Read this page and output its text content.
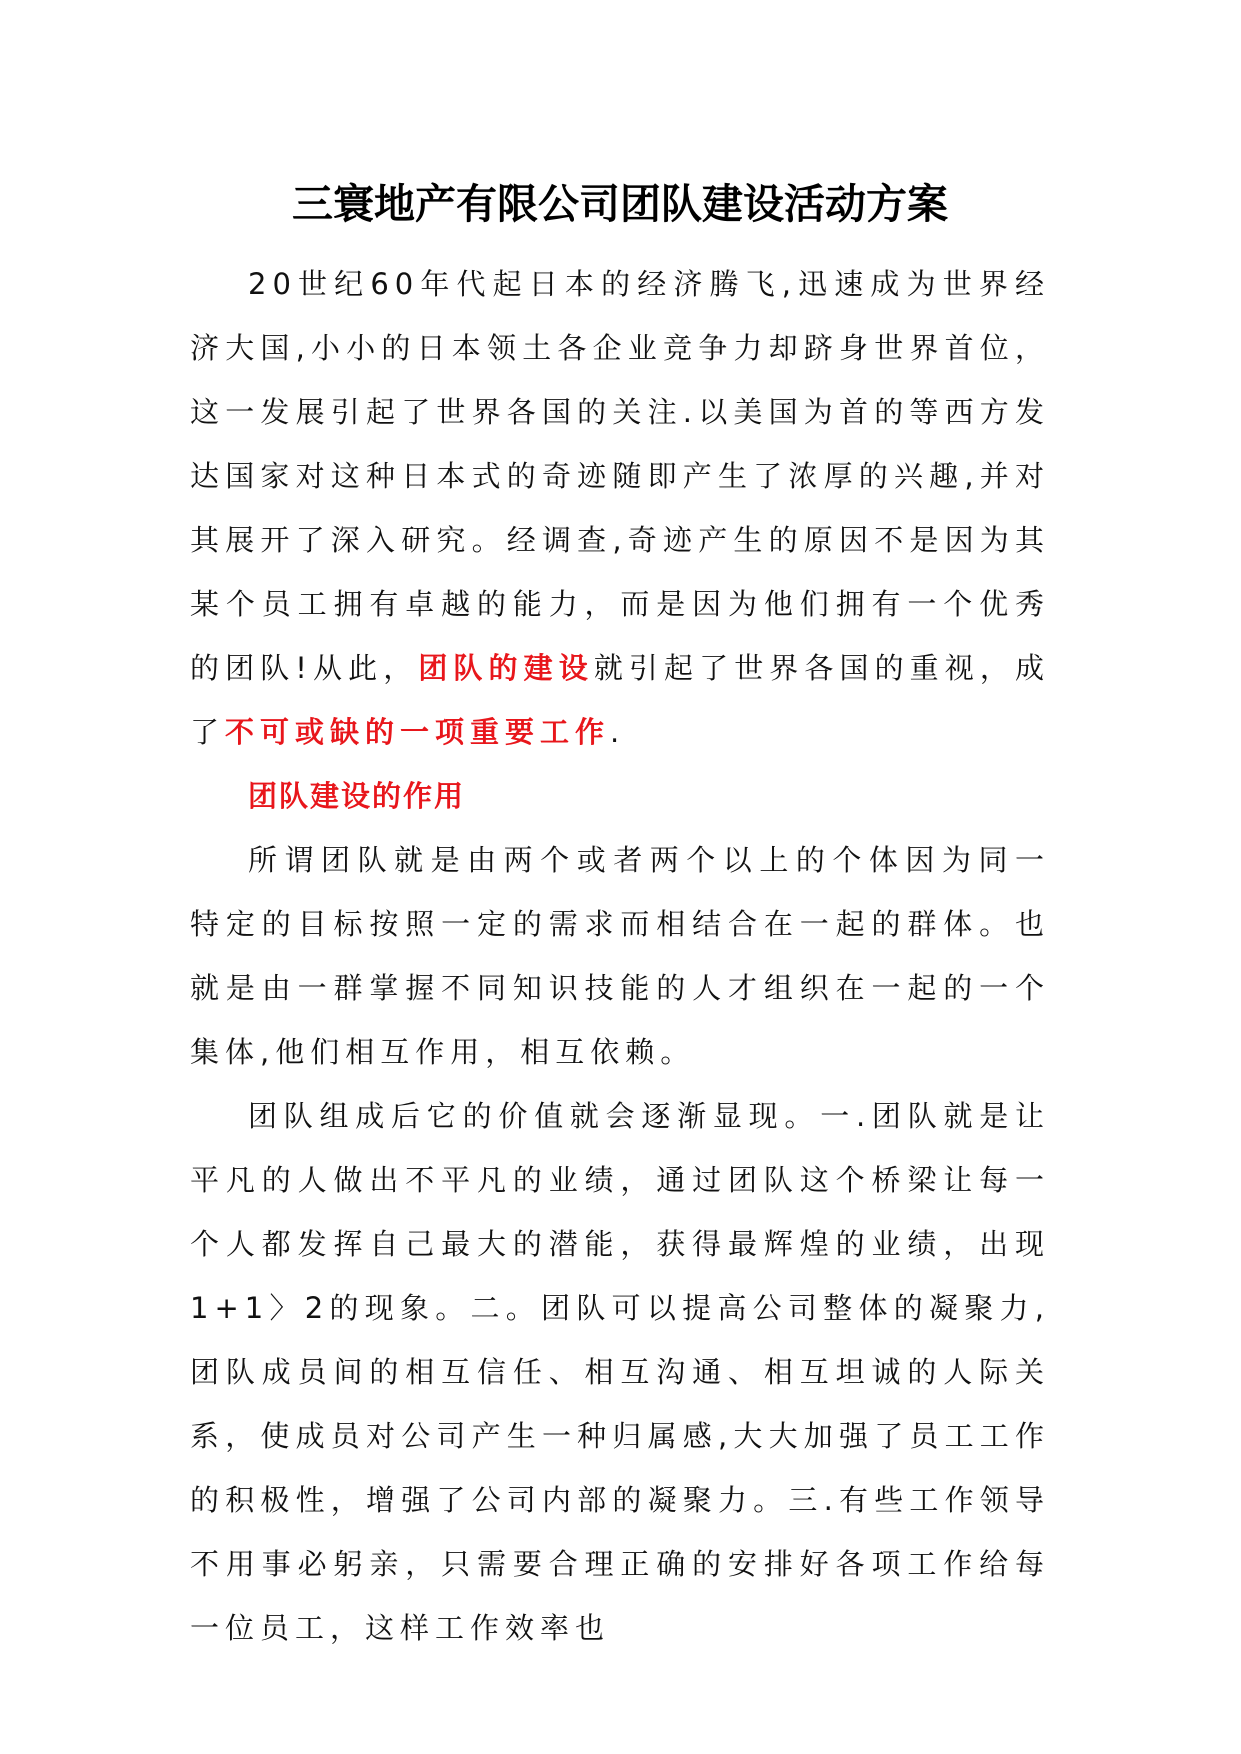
三寰地产有限公司团队建设活动方案

20世纪60年代起日本的经济腾飞,迅速成为世界经济大国,小小的日本领土各企业竞争力却跻身世界首位，这一发展引起了世界各国的关注.以美国为首的等西方发达国家对这种日本式的奇迹随即产生了浓厚的兴趣,并对其展开了深入研究。经调查,奇迹产生的原因不是因为其某个员工拥有卓越的能力，而是因为他们拥有一个优秀的团队!从此，团队的建设就引起了世界各国的重视，成了不可或缺的一项重要工作.

团队建设的作用

所谓团队就是由两个或者两个以上的个体因为同一特定的目标按照一定的需求而相结合在一起的群体。也就是由一群掌握不同知识技能的人才组织在一起的一个集体,他们相互作用，相互依赖。

团队组成后它的价值就会逐渐显现。一.团队就是让平凡的人做出不平凡的业绩，通过团队这个桥梁让每一个人都发挥自己最大的潜能，获得最辉煌的业绩，出现1+1〉2的现象。二。团队可以提高公司整体的凝聚力,团队成员间的相互信任、相互沟通、相互坦诚的人际关系，使成员对公司产生一种归属感,大大加强了员工工作的积极性，增强了公司内部的凝聚力。三.有些工作领导不用事必躬亲，只需要合理正确的安排好各项工作给每一位员工，这样工作效率也
